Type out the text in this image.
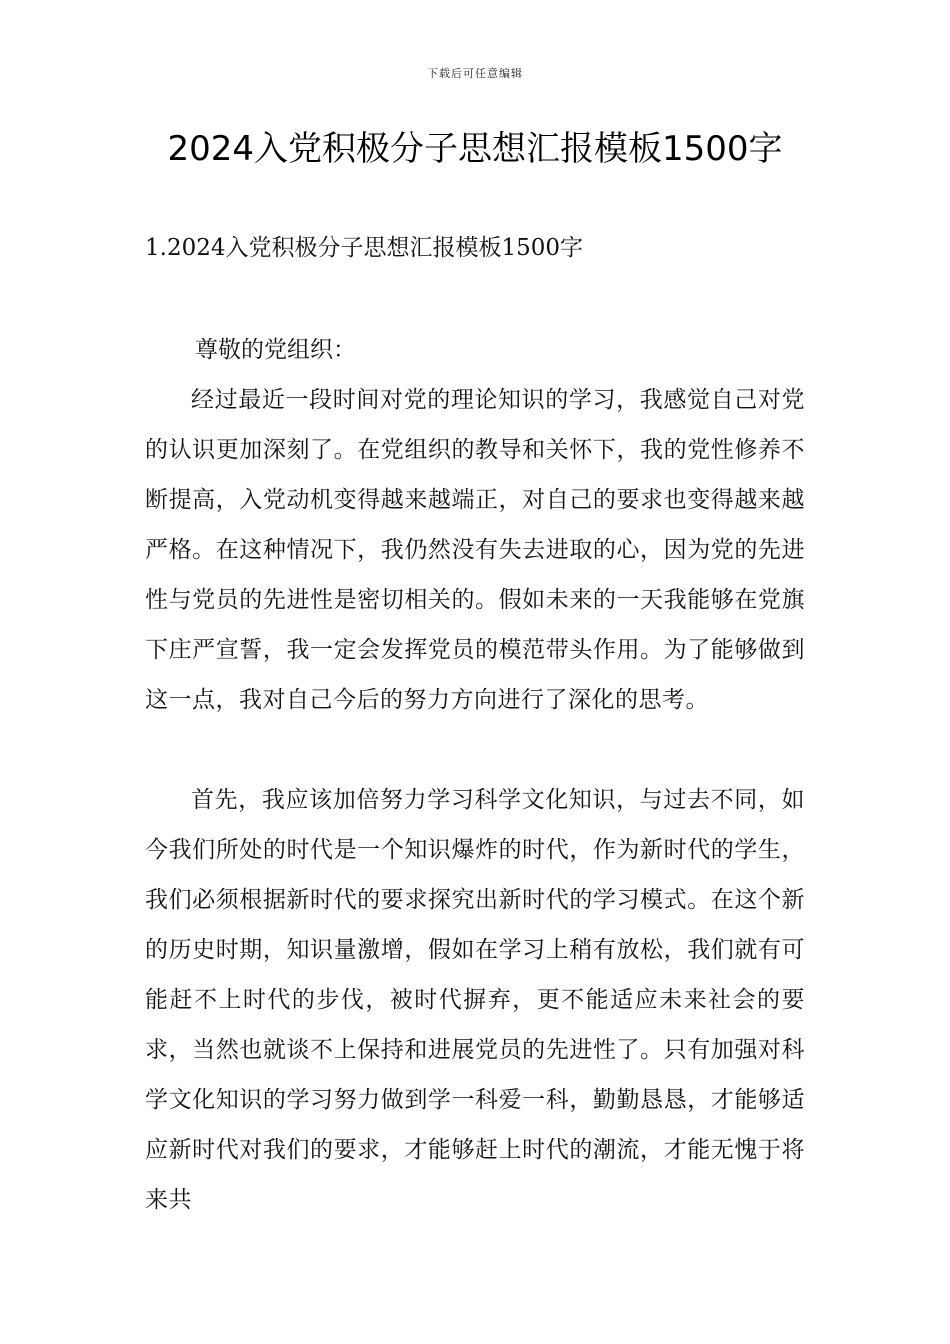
下载后可任意编辑
2024入党积极分子思想汇报模板1500字
1.2024入党积极分子思想汇报模板1500字

尊敬的党组织：

经过最近一段时间对党的理论知识的学习，我感觉自己对党的认识更加深刻了。在党组织的教导和关怀下，我的党性修养不断提高，入党动机变得越来越端正，对自己的要求也变得越来越严格。在这种情况下，我仍然没有失去进取的心，因为党的先进性与党员的先进性是密切相关的。假如未来的一天我能够在党旗下庄严宣誓，我一定会发挥党员的模范带头作用。为了能够做到这一点，我对自己今后的努力方向进行了深化的思考。

首先，我应该加倍努力学习科学文化知识，与过去不同，如今我们所处的时代是一个知识爆炸的时代，作为新时代的学生，我们必须根据新时代的要求探究出新时代的学习模式。在这个新的历史时期，知识量激增，假如在学习上稍有放松，我们就有可能赶不上时代的步伐，被时代摒弃，更不能适应未来社会的要求，当然也就谈不上保持和进展党员的先进性了。只有加强对科学文化知识的学习努力做到学一科爱一科，勤勤恳恳，才能够适应新时代对我们的要求，才能够赶上时代的潮流，才能无愧于将来共
